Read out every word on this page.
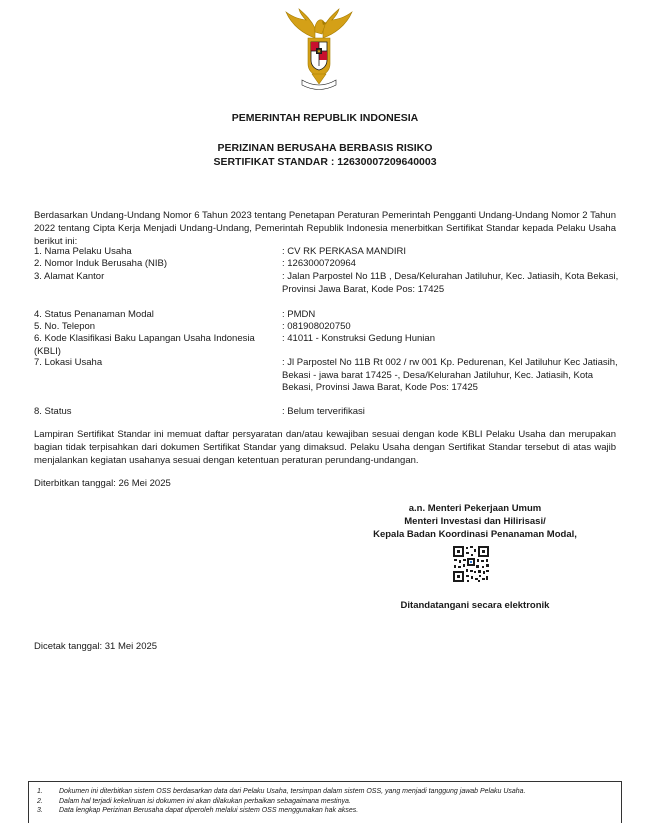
PEMERINTAH REPUBLIK INDONESIA
PERIZINAN BERUSAHA BERBASIS RISIKO
SERTIFIKAT STANDAR : 12630007209640003
Berdasarkan Undang-Undang Nomor 6 Tahun 2023 tentang Penetapan Peraturan Pemerintah Pengganti Undang-Undang Nomor 2 Tahun 2022 tentang Cipta Kerja Menjadi Undang-Undang, Pemerintah Republik Indonesia menerbitkan Sertifikat Standar kepada Pelaku Usaha berikut ini:
1. Nama Pelaku Usaha	: CV RK PERKASA MANDIRI
2. Nomor Induk Berusaha (NIB)	: 1263000720964
3. Alamat Kantor	: Jalan Parpostel No 11B , Desa/Kelurahan Jatiluhur, Kec. Jatiasih, Kota Bekasi, Provinsi Jawa Barat, Kode Pos: 17425
4. Status Penanaman Modal	: PMDN
5. No. Telepon	: 081908020750
6. Kode Klasifikasi Baku Lapangan Usaha Indonesia (KBLI)
: 41011 - Konstruksi Gedung Hunian
7. Lokasi Usaha	: Jl Parpostel No 11B Rt 002 / rw 001 Kp. Pedurenan, Kel Jatiluhur Kec Jatiasih, Bekasi - jawa barat 17425 -, Desa/Kelurahan Jatiluhur, Kec. Jatiasih, Kota Bekasi, Provinsi Jawa Barat, Kode Pos: 17425
8. Status	: Belum terverifikasi
Lampiran Sertifikat Standar ini memuat daftar persyaratan dan/atau kewajiban sesuai dengan kode KBLI Pelaku Usaha dan merupakan bagian tidak terpisahkan dari dokumen Sertifikat Standar yang dimaksud. Pelaku Usaha dengan Sertifikat Standar tersebut di atas wajib menjalankan kegiatan usahanya sesuai dengan ketentuan peraturan perundang-undangan.
Diterbitkan tanggal: 26 Mei 2025
a.n. Menteri Pekerjaan Umum
Menteri Investasi dan Hilirisasi/
Kepala Badan Koordinasi Penanaman Modal,
Ditandatangani secara elektronik
Dicetak tanggal: 31 Mei 2025
1. Dokumen ini diterbitkan sistem OSS berdasarkan data dari Pelaku Usaha, tersimpan dalam sistem OSS, yang menjadi tanggung jawab Pelaku Usaha.
2. Dalam hal terjadi kekeliruan isi dokumen ini akan dilakukan perbaikan sebagaimana mestinya.
3. Data lengkap Perizinan Berusaha dapat diperoleh melalui sistem OSS menggunakan hak akses.
